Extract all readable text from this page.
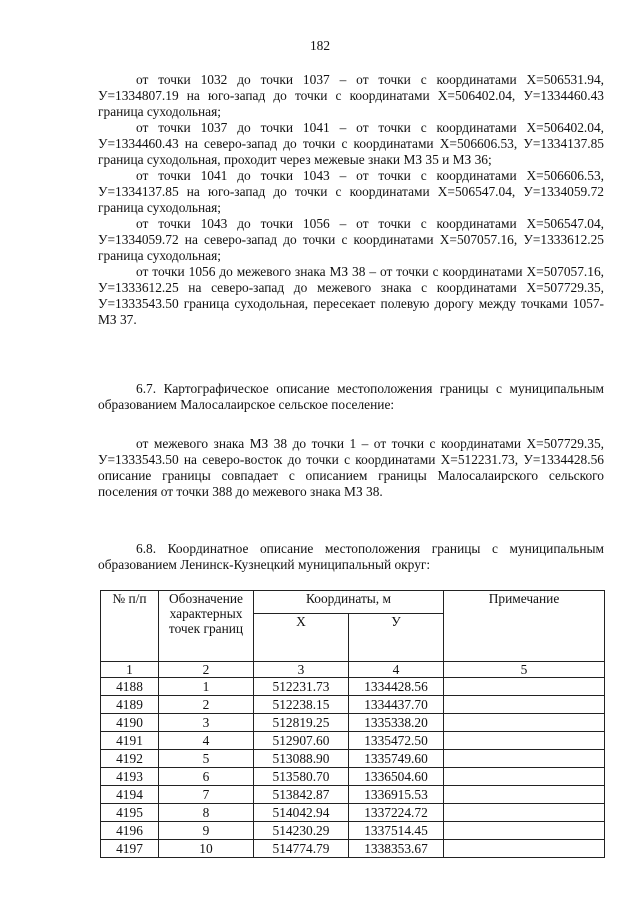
182

от точки 1032 до точки 1037 – от точки с координатами Х=506531.94, У=1334807.19 на юго-запад до точки с координатами Х=506402.04, У=1334460.43 граница суходольная;

от точки 1037 до точки 1041 – от точки с координатами Х=506402.04, У=1334460.43 на северо-запад до точки с координатами Х=506606.53, У=1334137.85 граница суходольная, проходит через межевые знаки МЗ 35 и МЗ 36;

от точки 1041 до точки 1043 – от точки с координатами Х=506606.53, У=1334137.85 на юго-запад до точки с координатами Х=506547.04, У=1334059.72 граница суходольная;

от точки 1043 до точки 1056 – от точки с координатами Х=506547.04, У=1334059.72 на северо-запад до точки с координатами Х=507057.16, У=1333612.25 граница суходольная;

от точки 1056 до межевого знака МЗ 38 – от точки с координатами Х=507057.16, У=1333612.25 на северо-запад до межевого знака с координатами Х=507729.35, У=1333543.50 граница суходольная, пересекает полевую дорогу между точками 1057-МЗ 37.

6.7. Картографическое описание местоположения границы с муниципальным образованием Малосалаирское сельское поселение:

от межевого знака МЗ 38 до точки 1 – от точки с координатами Х=507729.35, У=1333543.50 на северо-восток до точки с координатами Х=512231.73, У=1334428.56 описание границы совпадает с описанием границы Малосалаирского сельского поселения от точки 388 до межевого знака МЗ 38.

6.8. Координатное описание местоположения границы с муниципальным образованием Ленинск-Кузнецкий муниципальный округ:

№ п/п	Обозначение характерных точек границ	Координаты, м		Примечание
		Х	У	
1	2	3	4	5
4188	1	512231.73	1334428.56	
4189	2	512238.15	1334437.70	
4190	3	512819.25	1335338.20	
4191	4	512907.60	1335472.50	
4192	5	513088.90	1335749.60	
4193	6	513580.70	1336504.60	
4194	7	513842.87	1336915.53	
4195	8	514042.94	1337224.72	
4196	9	514230.29	1337514.45	
4197	10	514774.79	1338353.67	
